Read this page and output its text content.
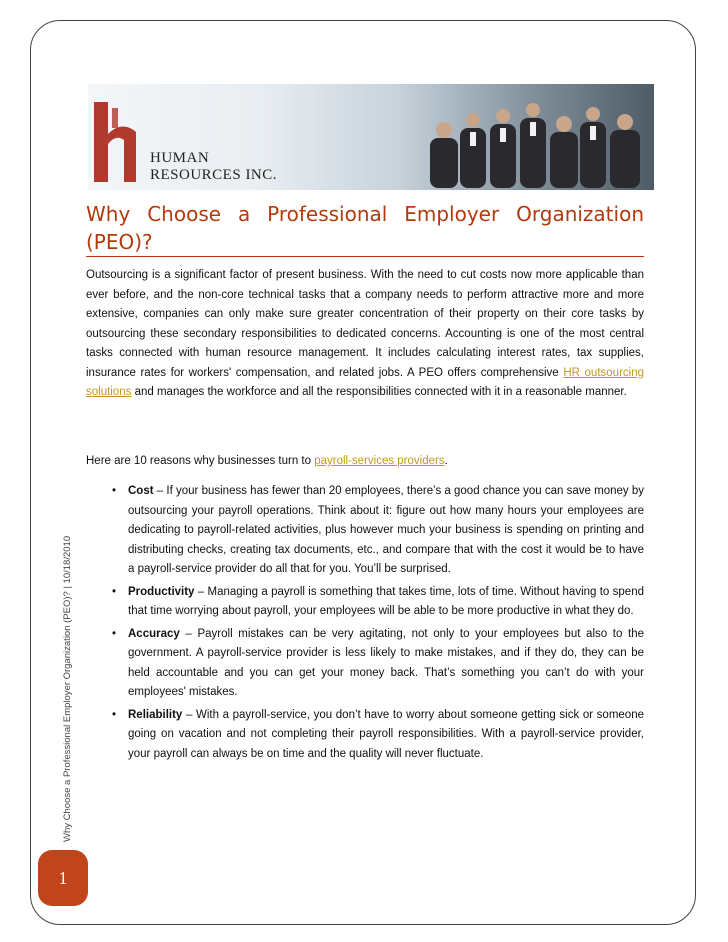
HUMAN
RESOURCES INC.
Why Choose a Professional Employer Organization (PEO)?
Outsourcing is a significant factor of present business. With the need to cut costs now more applicable than ever before, and the non-core technical tasks that a company needs to perform attractive more and more extensive, companies can only make sure greater concentration of their property on their core tasks by outsourcing these secondary responsibilities to dedicated concerns. Accounting is one of the most central tasks connected with human resource management. It includes calculating interest rates, tax supplies, insurance rates for workers' compensation, and related jobs. A PEO offers comprehensive HR outsourcing solutions and manages the workforce and all the responsibilities connected with it in a reasonable manner.
Here are 10 reasons why businesses turn to payroll-services providers.
• Cost – If your business has fewer than 20 employees, there’s a good chance you can save money by outsourcing your payroll operations. Think about it: figure out how many hours your employees are dedicating to payroll-related activities, plus however much your business is spending on printing and distributing checks, creating tax documents, etc., and compare that with the cost it would be to have a payroll-service provider do all that for you. You’ll be surprised.
• Productivity – Managing a payroll is something that takes time, lots of time. Without having to spend that time worrying about payroll, your employees will be able to be more productive in what they do.
• Accuracy – Payroll mistakes can be very agitating, not only to your employees but also to the government. A payroll-service provider is less likely to make mistakes, and if they do, they can be held accountable and you can get your money back. That’s something you can’t do with your employees' mistakes.
• Reliability – With a payroll-service, you don’t have to worry about someone getting sick or someone going on vacation and not completing their payroll responsibilities. With a payroll-service provider, your payroll can always be on time and the quality will never fluctuate.
Why Choose a Professional Employer Organization (PEO)? | 10/18/2010
1
